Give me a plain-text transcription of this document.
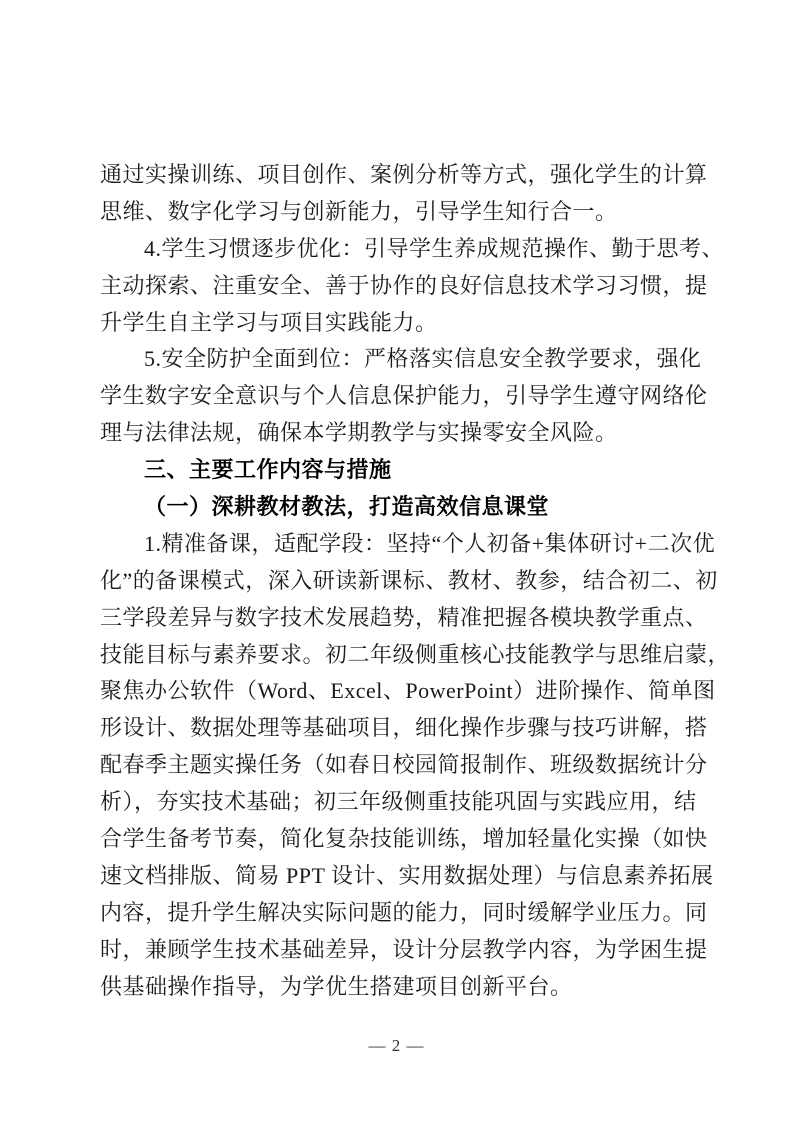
通过实操训练、项目创作、案例分析等方式，强化学生的计算
思维、数字化学习与创新能力，引导学生知行合一。
4.学生习惯逐步优化：引导学生养成规范操作、勤于思考、
主动探索、注重安全、善于协作的良好信息技术学习习惯，提
升学生自主学习与项目实践能力。
5.安全防护全面到位：严格落实信息安全教学要求，强化
学生数字安全意识与个人信息保护能力，引导学生遵守网络伦
理与法律法规，确保本学期教学与实操零安全风险。
三、主要工作内容与措施
（一）深耕教材教法，打造高效信息课堂
1.精准备课，适配学段：坚持“个人初备+集体研讨+二次优
化”的备课模式，深入研读新课标、教材、教参，结合初二、初
三学段差异与数字技术发展趋势，精准把握各模块教学重点、
技能目标与素养要求。初二年级侧重核心技能教学与思维启蒙，
聚焦办公软件（Word、Excel、PowerPoint）进阶操作、简单图
形设计、数据处理等基础项目，细化操作步骤与技巧讲解，搭
配春季主题实操任务（如春日校园简报制作、班级数据统计分
析），夯实技术基础；初三年级侧重技能巩固与实践应用，结
合学生备考节奏，简化复杂技能训练，增加轻量化实操（如快
速文档排版、简易 PPT 设计、实用数据处理）与信息素养拓展
内容，提升学生解决实际问题的能力，同时缓解学业压力。同
时，兼顾学生技术基础差异，设计分层教学内容，为学困生提
供基础操作指导，为学优生搭建项目创新平台。
— 2 —
